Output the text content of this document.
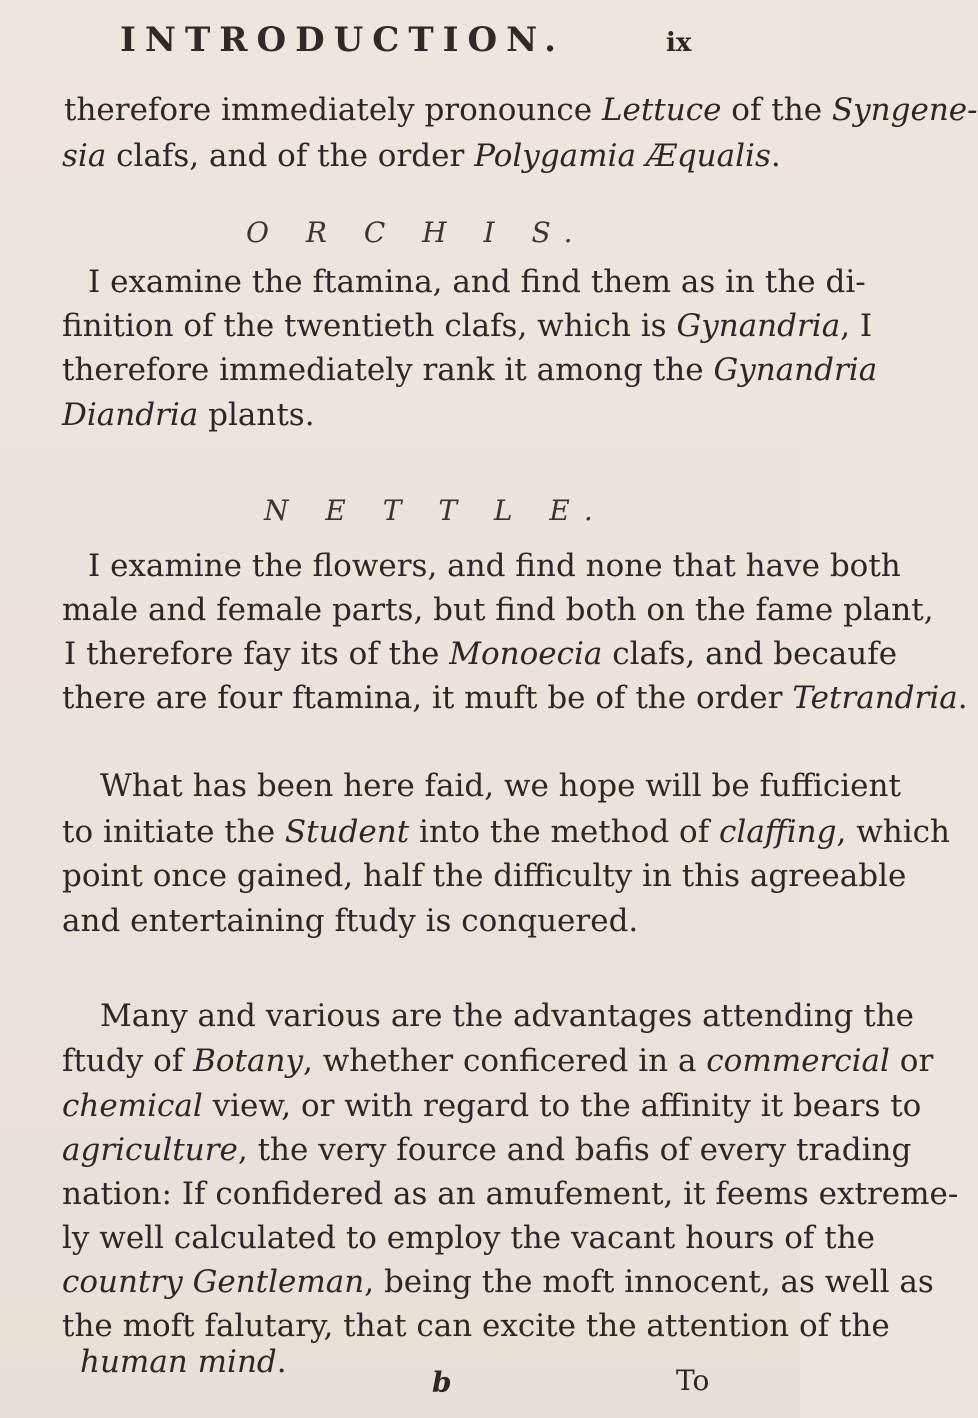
INTRODUCTION.	ix
therefore immediately pronounce Lettuce of the Syngene-
sia clafs, and of the order Polygamia Æqualis.
O R C H I S.
I examine the ftamina, and find them as in the di-
finition of the twentieth clafs, which is Gynandria, I
therefore immediately rank it among the Gynandria
Diandria plants.
N E T T L E.
I examine the flowers, and find none that have both
male and female parts, but find both on the fame plant,
I therefore fay its of the Monoecia clafs, and becaufe
there are four ftamina, it muft be of the order Tetrandria.
What has been here faid, we hope will be fufficient
to initiate the Student into the method of claffing, which
point once gained, half the difficulty in this agreeable
and entertaining ftudy is conquered.
Many and various are the advantages attending the
ftudy of Botany, whether conficered in a commercial or
chemical view, or with regard to the affinity it bears to
agriculture, the very fource and bafis of every trading
nation: If confidered as an amufement, it feems extreme-
ly well calculated to employ the vacant hours of the
country Gentleman, being the moft innocent, as well as
the moft falutary, that can excite the attention of the
human mind.
b	To
